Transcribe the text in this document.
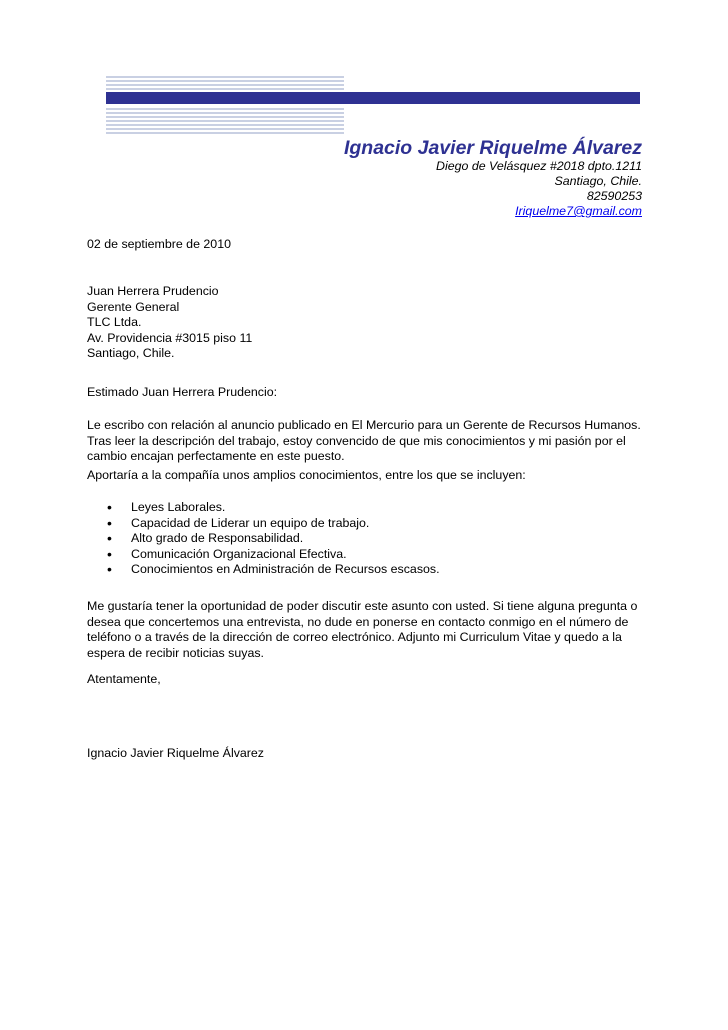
Ignacio Javier Riquelme Álvarez
Diego de Velásquez #2018 dpto.1211
Santiago, Chile.
82590253
Iriquelme7@gmail.com
02 de septiembre de 2010
Juan Herrera Prudencio
Gerente General
TLC Ltda.
Av. Providencia #3015 piso 11
Santiago, Chile.
Estimado Juan Herrera Prudencio:
Le escribo con relación al anuncio publicado en El Mercurio para un Gerente de Recursos Humanos. Tras leer la descripción del trabajo, estoy convencido de que mis conocimientos y mi pasión por el cambio encajan perfectamente en este puesto.
Aportaría a la compañía unos amplios conocimientos, entre los que se incluyen:
• Leyes Laborales.
• Capacidad de Liderar un equipo de trabajo.
• Alto grado de Responsabilidad.
• Comunicación Organizacional Efectiva.
• Conocimientos en Administración de Recursos escasos.
Me gustaría tener la oportunidad de poder discutir este asunto con usted. Si tiene alguna pregunta o desea que concertemos una entrevista, no dude en ponerse en contacto conmigo en el número de teléfono o a través de la dirección de correo electrónico. Adjunto mi Curriculum Vitae y quedo a la espera de recibir noticias suyas.
Atentamente,
Ignacio Javier Riquelme Álvarez
